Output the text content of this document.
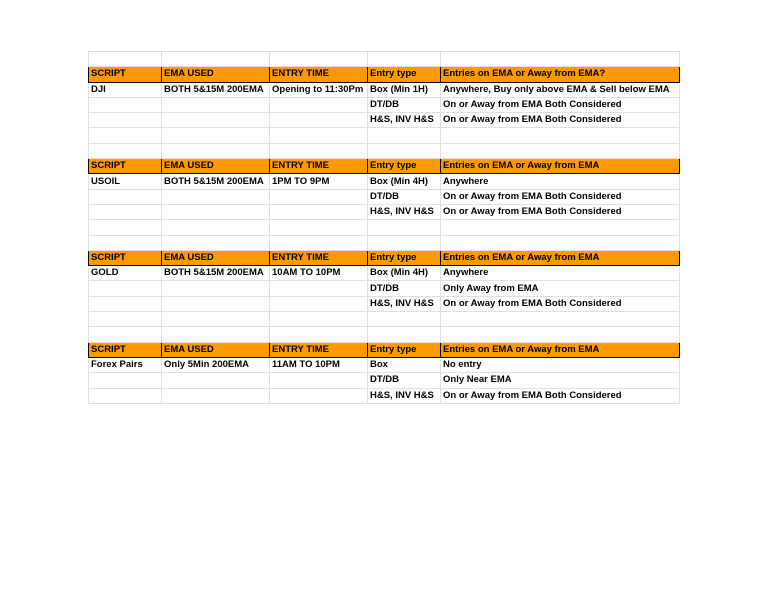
SCRIPT	EMA USED	ENTRY TIME	Entry type	Entries on EMA or Away from EMA?
DJI	BOTH 5&15M 200EMA	Opening to 11:30Pm	Box (Min 1H)	Anywhere, Buy only above EMA & Sell below EMA
			DT/DB	On or Away from EMA Both Considered
			H&S, INV H&S	On or Away from EMA Both Considered

SCRIPT	EMA USED	ENTRY TIME	Entry type	Entries on EMA or Away from EMA
USOIL	BOTH 5&15M 200EMA	1PM TO 9PM	Box (Min 4H)	Anywhere
			DT/DB	On or Away from EMA Both Considered
			H&S, INV H&S	On or Away from EMA Both Considered

SCRIPT	EMA USED	ENTRY TIME	Entry type	Entries on EMA or Away from EMA
GOLD	BOTH 5&15M 200EMA	10AM TO 10PM	Box (Min 4H)	Anywhere
			DT/DB	Only Away from EMA
			H&S, INV H&S	On or Away from EMA Both Considered

SCRIPT	EMA USED	ENTRY TIME	Entry type	Entries on EMA or Away from EMA
Forex Pairs	Only 5Min 200EMA	11AM TO 10PM	Box	No entry
			DT/DB	Only Near EMA
			H&S, INV H&S	On or Away from EMA Both Considered
